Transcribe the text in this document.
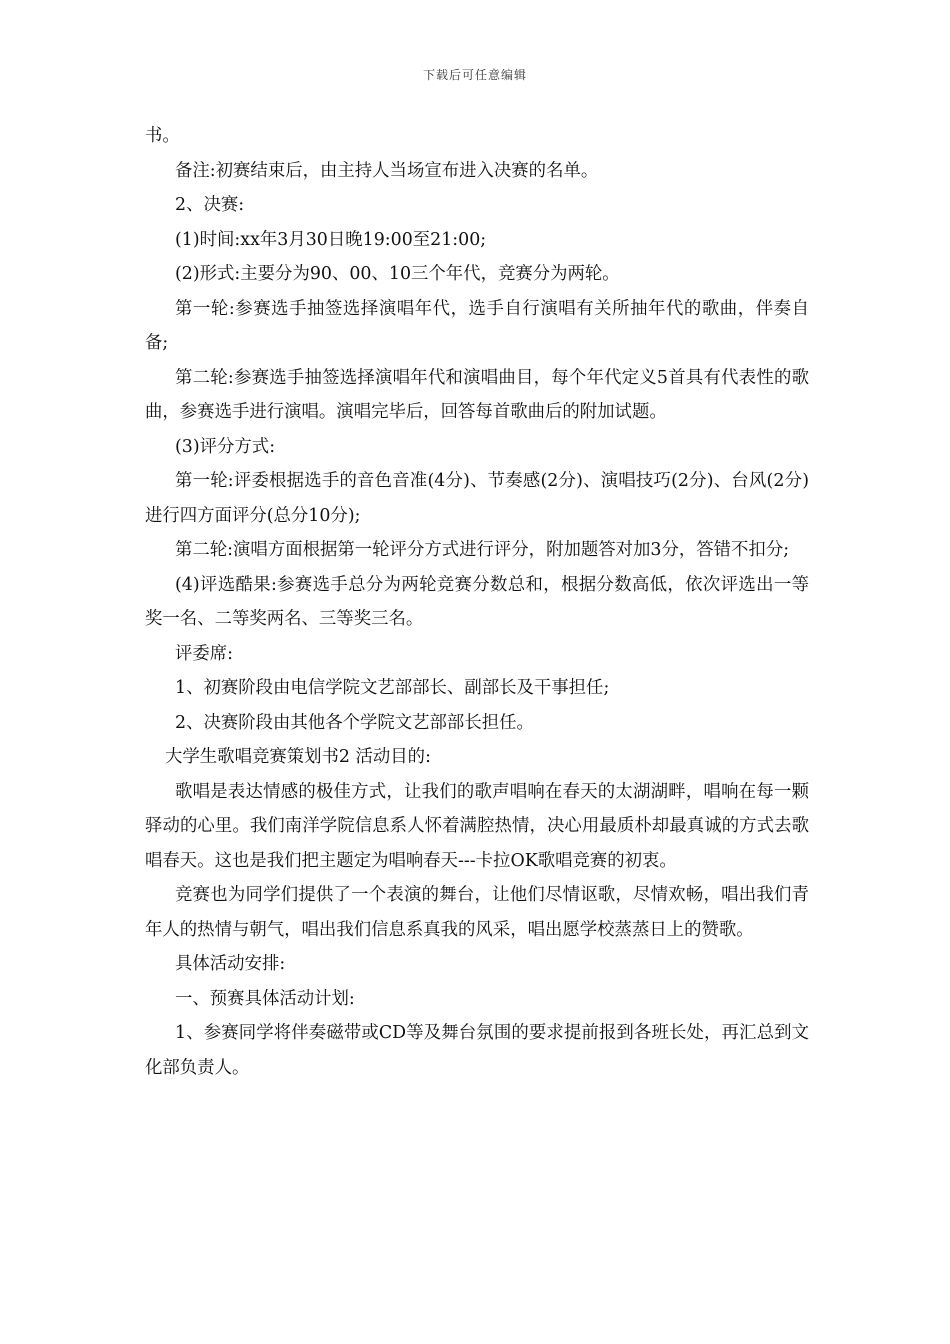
下载后可任意编辑

书。

备注:初赛结束后，由主持人当场宣布进入决赛的名单。

2、决赛:

(1)时间:xx年3月30日晚19:00至21:00;

(2)形式:主要分为90、00、10三个年代，竞赛分为两轮。

第一轮:参赛选手抽签选择演唱年代，选手自行演唱有关所抽年代的歌曲，伴奏自备;

第二轮:参赛选手抽签选择演唱年代和演唱曲目，每个年代定义5首具有代表性的歌曲，参赛选手进行演唱。演唱完毕后，回答每首歌曲后的附加试题。

(3)评分方式:

第一轮:评委根据选手的音色音准(4分)、节奏感(2分)、演唱技巧(2分)、台风(2分)进行四方面评分(总分10分);

第二轮:演唱方面根据第一轮评分方式进行评分，附加题答对加3分，答错不扣分;

(4)评选酷果:参赛选手总分为两轮竞赛分数总和，根据分数高低，依次评选出一等奖一名、二等奖两名、三等奖三名。

评委席:

1、初赛阶段由电信学院文艺部部长、副部长及干事担任;

2、决赛阶段由其他各个学院文艺部部长担任。

大学生歌唱竞赛策划书2 活动目的:

歌唱是表达情感的极佳方式，让我们的歌声唱响在春天的太湖湖畔，唱响在每一颗驿动的心里。我们南洋学院信息系人怀着满腔热情，决心用最质朴却最真诚的方式去歌唱春天。这也是我们把主题定为唱响春天---卡拉OK歌唱竞赛的初衷。

竞赛也为同学们提供了一个表演的舞台，让他们尽情讴歌，尽情欢畅，唱出我们青年人的热情与朝气，唱出我们信息系真我的风采，唱出愿学校蒸蒸日上的赞歌。

具体活动安排:

一、预赛具体活动计划:

1、参赛同学将伴奏磁带或CD等及舞台氛围的要求提前报到各班长处，再汇总到文化部负责人。
